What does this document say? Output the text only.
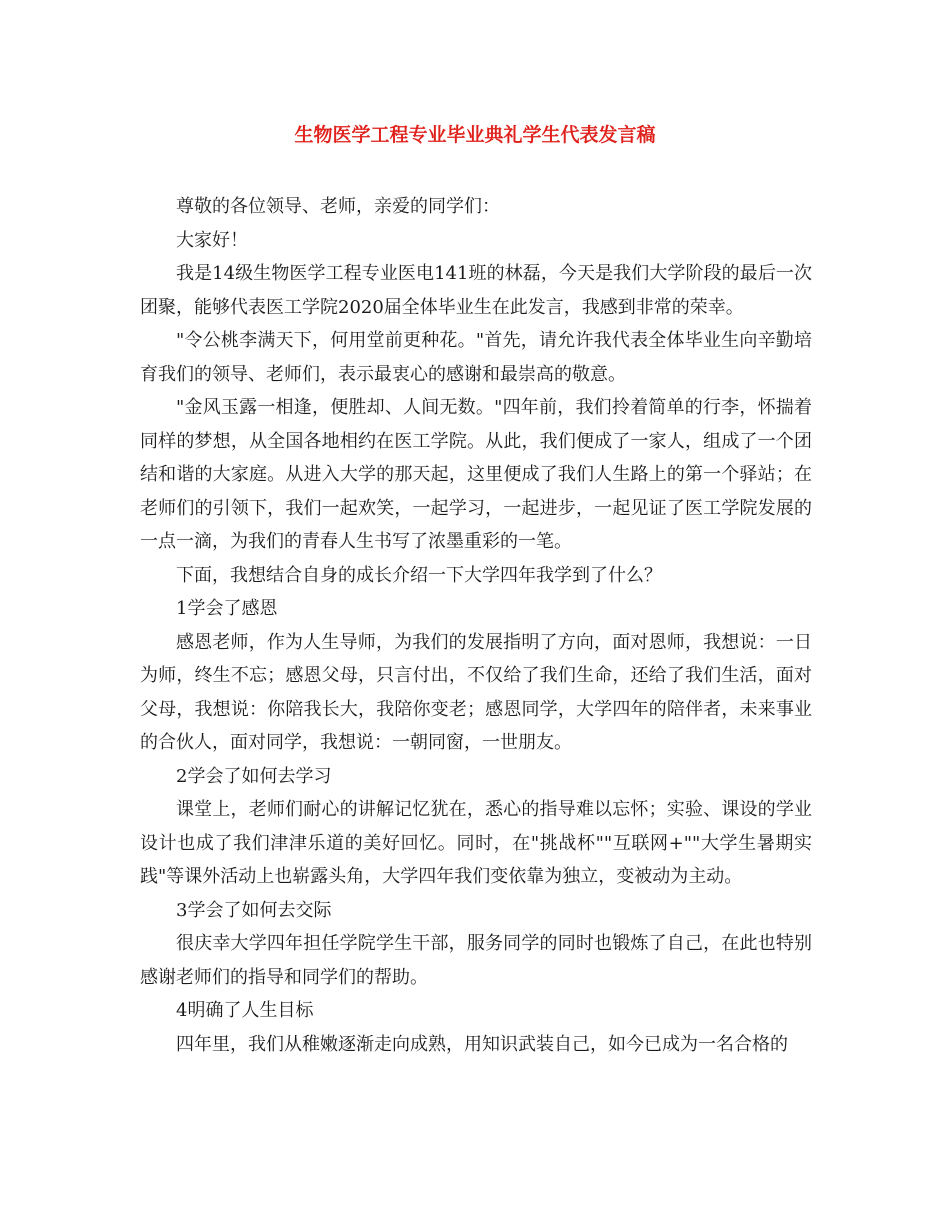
生物医学工程专业毕业典礼学生代表发言稿

尊敬的各位领导、老师，亲爱的同学们：

大家好！

我是14级生物医学工程专业医电141班的林磊，今天是我们大学阶段的最后一次团聚，能够代表医工学院2020届全体毕业生在此发言，我感到非常的荣幸。

"令公桃李满天下，何用堂前更种花。"首先，请允许我代表全体毕业生向辛勤培育我们的领导、老师们，表示最衷心的感谢和最崇高的敬意。

"金风玉露一相逢，便胜却、人间无数。"四年前，我们拎着简单的行李，怀揣着同样的梦想，从全国各地相约在医工学院。从此，我们便成了一家人，组成了一个团结和谐的大家庭。从进入大学的那天起，这里便成了我们人生路上的第一个驿站；在老师们的引领下，我们一起欢笑，一起学习，一起进步，一起见证了医工学院发展的一点一滴，为我们的青春人生书写了浓墨重彩的一笔。

下面，我想结合自身的成长介绍一下大学四年我学到了什么？

1学会了感恩

感恩老师，作为人生导师，为我们的发展指明了方向，面对恩师，我想说：一日为师，终生不忘；感恩父母，只言付出，不仅给了我们生命，还给了我们生活，面对父母，我想说：你陪我长大，我陪你变老；感恩同学，大学四年的陪伴者，未来事业的合伙人，面对同学，我想说：一朝同窗，一世朋友。

2学会了如何去学习

课堂上，老师们耐心的讲解记忆犹在，悉心的指导难以忘怀；实验、课设的学业设计也成了我们津津乐道的美好回忆。同时，在"挑战杯""互联网+""大学生暑期实践"等课外活动上也崭露头角，大学四年我们变依靠为独立，变被动为主动。

3学会了如何去交际

很庆幸大学四年担任学院学生干部，服务同学的同时也锻炼了自己，在此也特别感谢老师们的指导和同学们的帮助。

4明确了人生目标

四年里，我们从稚嫩逐渐走向成熟，用知识武装自己，如今已成为一名合格的
